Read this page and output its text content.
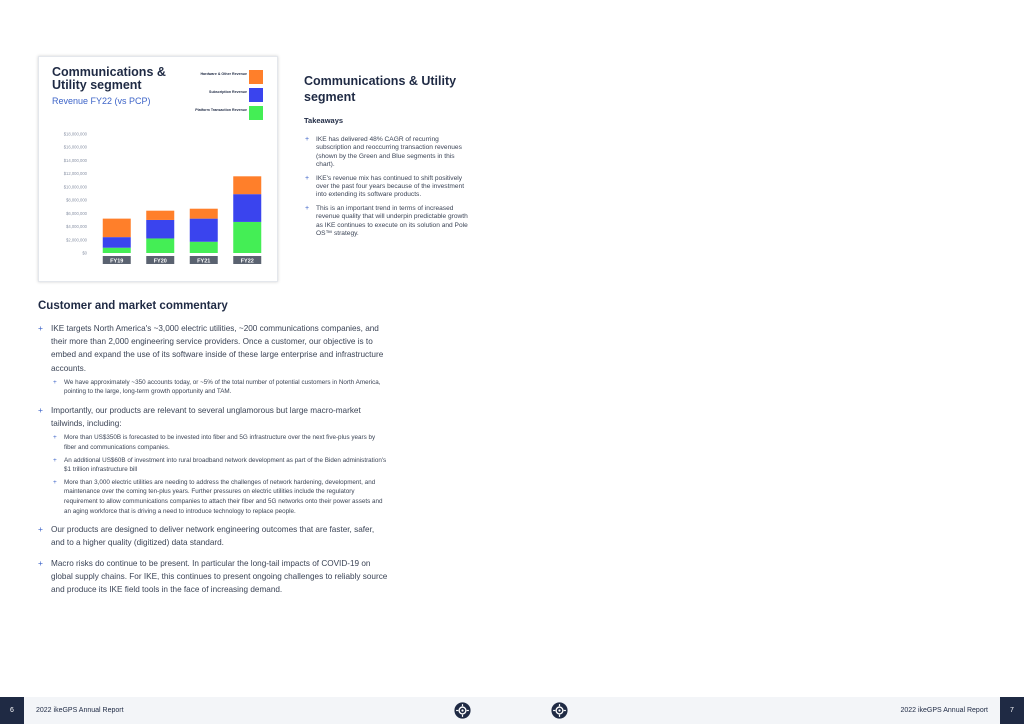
Communications & Utility segment
Revenue FY22 (vs PCP)
Hardware & Other Revenue
Subscription Revenue
Platform Transaction Revenue
$0
$2,000,000
$4,000,000
$6,000,000
$8,000,000
$10,000,000
$12,000,000
$14,000,000
$16,000,000
$18,000,000
FY19	FY20	FY21	FY22
Communications & Utility segment
Takeaways
+ IKE has delivered 48% CAGR of recurring subscription and reoccurring transaction revenues (shown by the Green and Blue segments in this chart).
+ IKE's revenue mix has continued to shift positively over the past four years because of the investment into extending its software products.
+ This is an important trend in terms of increased revenue quality that will underpin predictable growth as IKE continues to execute on its solution and Pole OS™ strategy.
Customer and market commentary
+ IKE targets North America's ~3,000 electric utilities, ~200 communications companies, and their more than 2,000 engineering service providers. Once a customer, our objective is to embed and expand the use of its software inside of these large enterprise and infrastructure accounts.
+ We have approximately ~350 accounts today, or ~5% of the total number of potential customers in North America, pointing to the large, long-term growth opportunity and TAM.
+ Importantly, our products are relevant to several unglamorous but large macro-market tailwinds, including:
+ More than US$350B is forecasted to be invested into fiber and 5G infrastructure over the next five-plus years by fiber and communications companies.
+ An additional US$60B of investment into rural broadband network development as part of the Biden administration's $1 trillion infrastructure bill
+ More than 3,000 electric utilities are needing to address the challenges of network hardening, development, and maintenance over the coming ten-plus years. Further pressures on electric utilities include the regulatory requirement to allow communications companies to attach their fiber and 5G networks onto their power assets and an aging workforce that is driving a need to introduce technology to replace people.
+ Our products are designed to deliver network engineering outcomes that are faster, safer, and to a higher quality (digitized) data standard.
+ Macro risks do continue to be present. In particular the long-tail impacts of COVID-19 on global supply chains. For IKE, this continues to present ongoing challenges to reliably source and produce its IKE field tools in the face of increasing demand.
6	2022 ikeGPS Annual Report	2022 ikeGPS Annual Report	7
